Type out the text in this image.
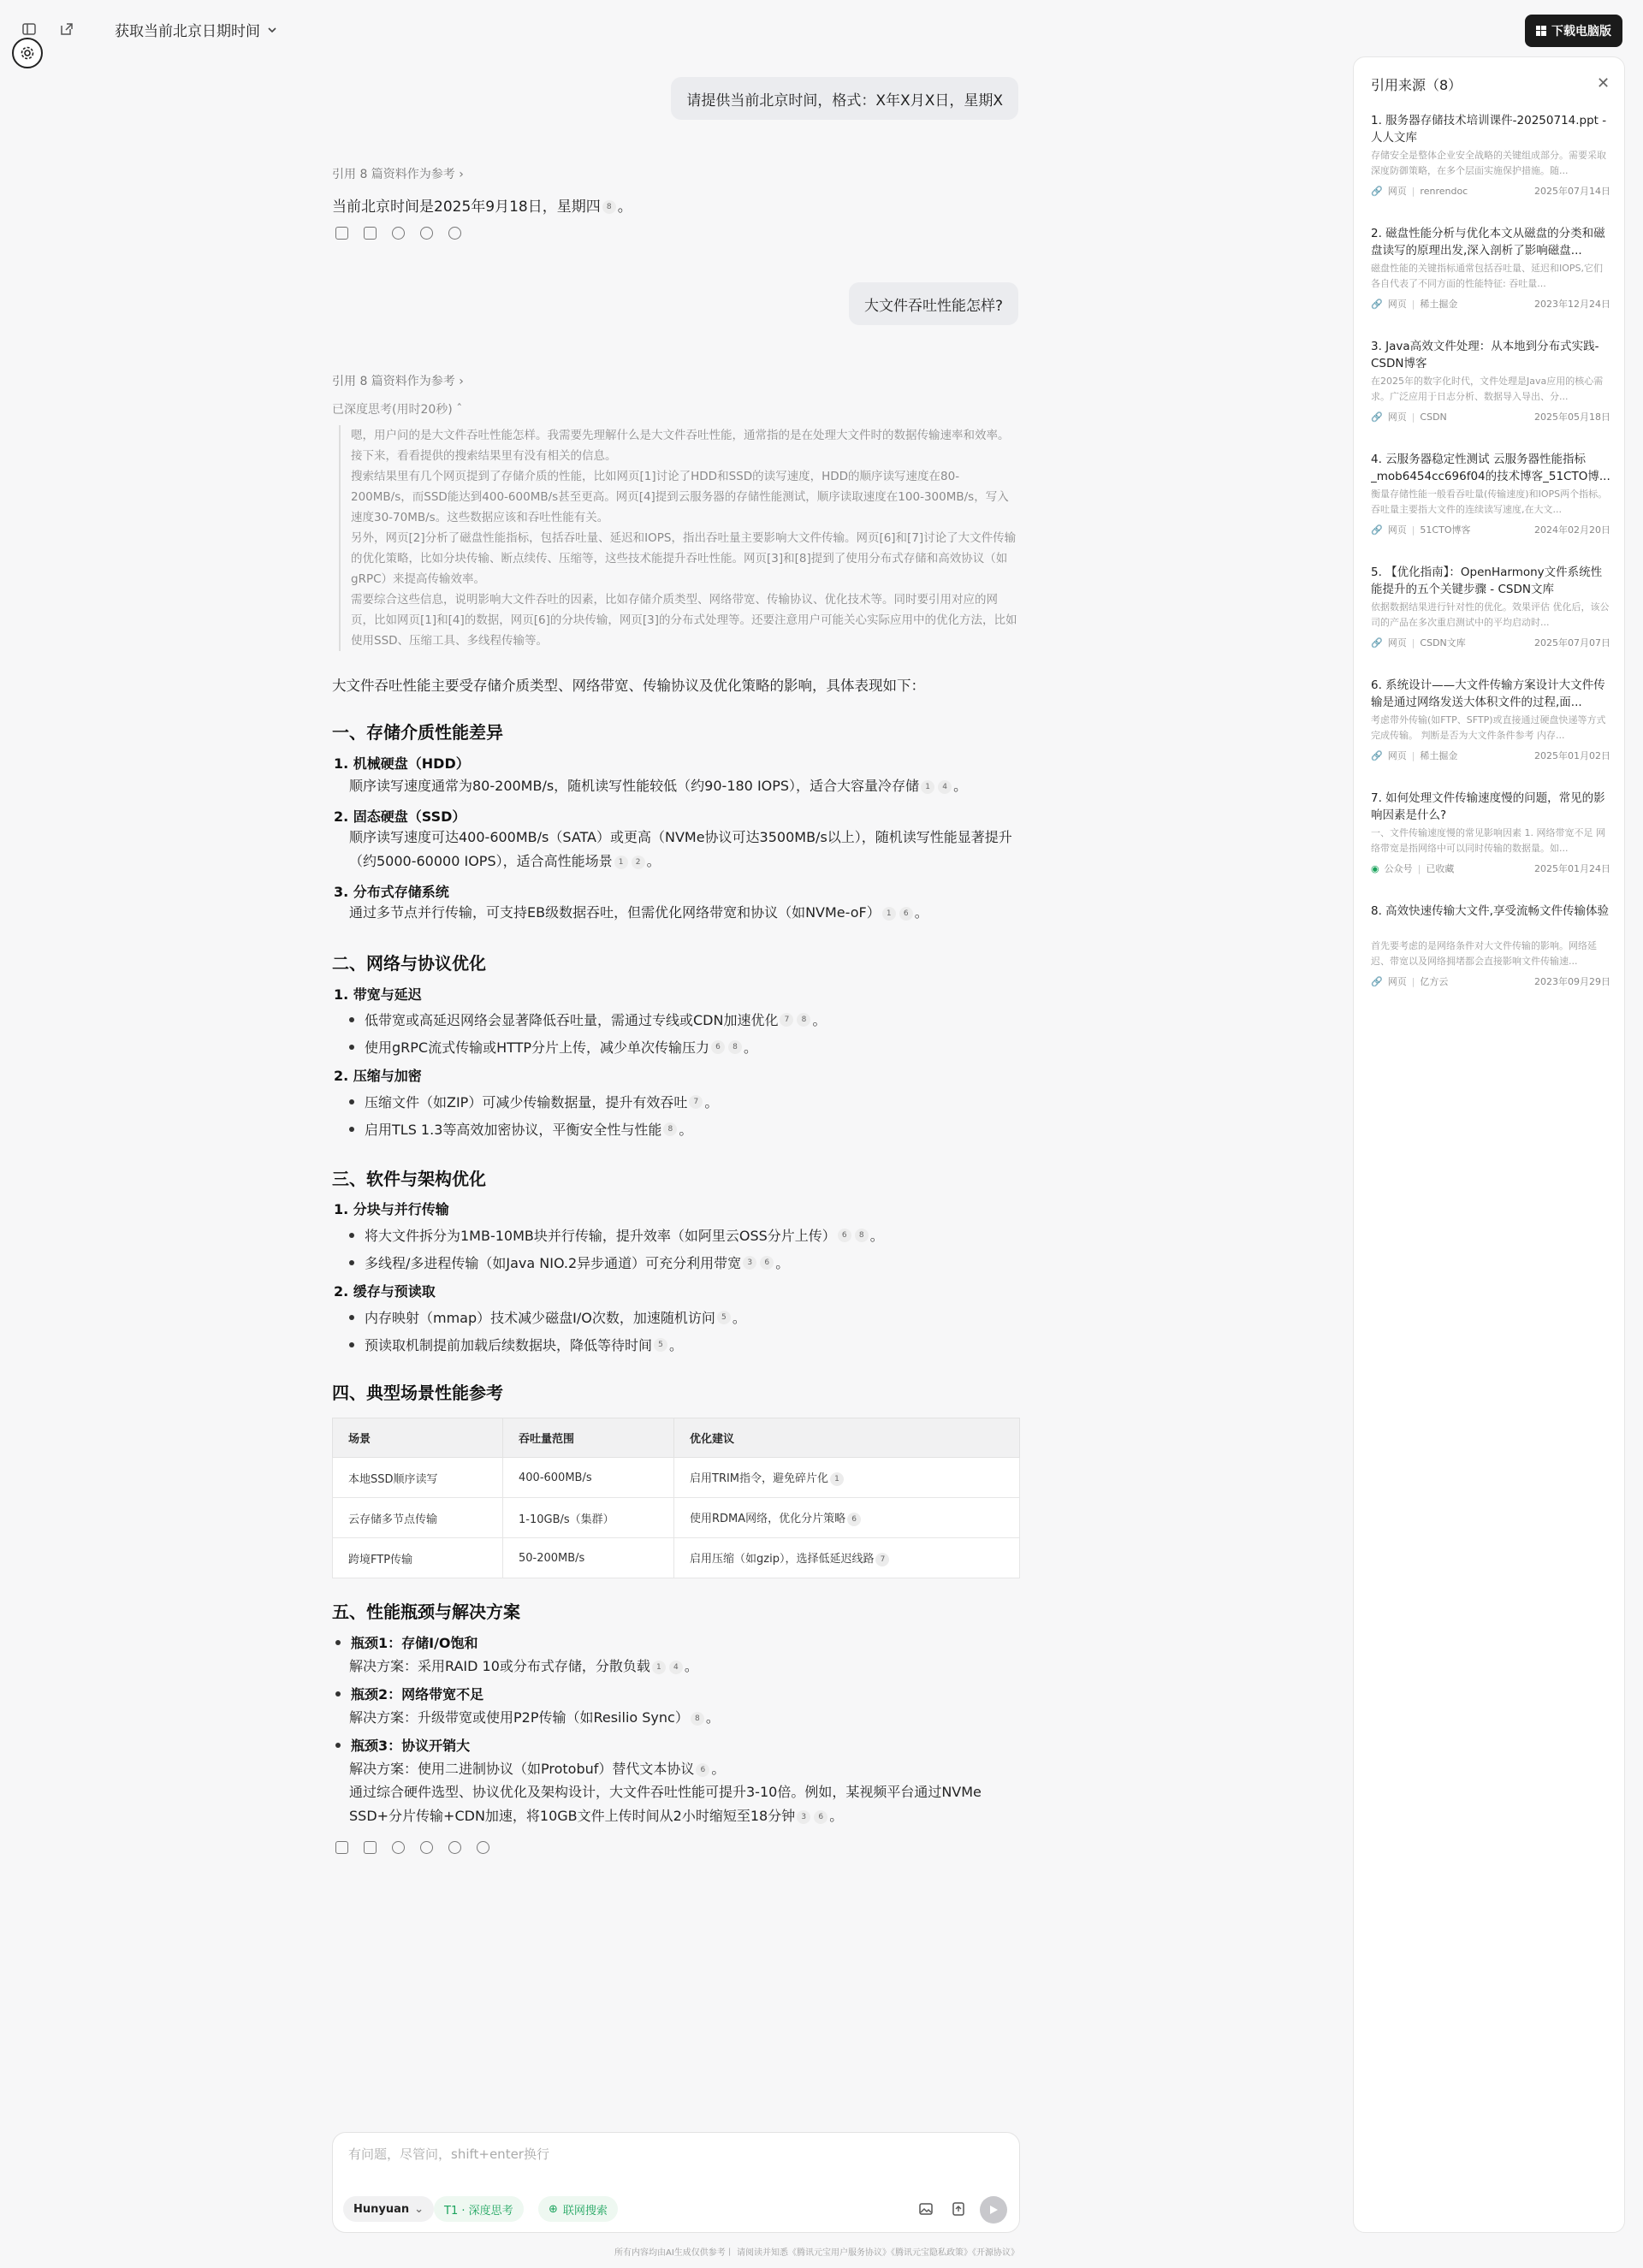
获取当前北京日期时间	下载电脑版
请提供当前北京时间，格式：X年X月X日，星期X
引用 8 篇资料作为参考 ›
当前北京时间是2025年9月18日，星期四 8 。
大文件吞吐性能怎样?
引用 8 篇资料作为参考 ›
已深度思考(用时20秒) ˆ

嗯，用户问的是大文件吞吐性能怎样。我需要先理解什么是大文件吞吐性能，通常指的是在处理大文件时的数据传输速率和效率。接下来，看看提供的搜索结果里有没有相关的信息。

搜索结果里有几个网页提到了存储介质的性能，比如网页[1]讨论了HDD和SSD的读写速度，HDD的顺序读写速度在80-200MB/s，而SSD能达到400-600MB/s甚至更高。网页[4]提到云服务器的存储性能测试，顺序读取速度在100-300MB/s，写入速度30-70MB/s。这些数据应该和吞吐性能有关。

另外，网页[2]分析了磁盘性能指标，包括吞吐量、延迟和IOPS，指出吞吐量主要影响大文件传输。网页[6]和[7]讨论了大文件传输的优化策略，比如分块传输、断点续传、压缩等，这些技术能提升吞吐性能。网页[3]和[8]提到了使用分布式存储和高效协议（如gRPC）来提高传输效率。

需要综合这些信息，说明影响大文件吞吐的因素，比如存储介质类型、网络带宽、传输协议、优化技术等。同时要引用对应的网页，比如网页[1]和[4]的数据，网页[6]的分块传输，网页[3]的分布式处理等。还要注意用户可能关心实际应用中的优化方法，比如使用SSD、压缩工具、多线程传输等。

大文件吞吐性能主要受存储介质类型、网络带宽、传输协议及优化策略的影响，具体表现如下：
一、存储介质性能差异
1. 机械硬盘（HDD）
顺序读写速度通常为80-200MB/s，随机读写性能较低（约90-180 IOPS），适合大容量冷存储 1 4 。
2. 固态硬盘（SSD）
顺序读写速度可达400-600MB/s（SATA）或更高（NVMe协议可达3500MB/s以上），随机读写性能显著提升
（约5000-60000 IOPS），适合高性能场景 1 2 。
3. 分布式存储系统
通过多节点并行传输，可支持EB级数据吞吐，但需优化网络带宽和协议（如NVMe-oF） 1 6 。
二、网络与协议优化
1. 带宽与延迟
低带宽或高延迟网络会显著降低吞吐量，需通过专线或CDN加速优化 7	8 。
使用gRPC流式传输或HTTP分片上传，减少单次传输压力 6	8 。
2. 压缩与加密
压缩文件（如ZIP）可减少传输数据量，提升有效吞吐 7 。
启用TLS 1.3等高效加密协议，平衡安全性与性能 8 。
三、软件与架构优化
1. 分块与并行传输
将大文件拆分为1MB-10MB块并行传输，提升效率（如阿里云OSS分片上传） 6	8 。
多线程/多进程传输（如Java NIO.2异步通道）可充分利用带宽 3	6 。
2. 缓存与预读取
内存映射（mmap）技术减少磁盘I/O次数，加速随机访问 5 。
预读取机制提前加载后续数据块，降低等待时间 5 。
四、典型场景性能参考
场景	吞吐量范围	优化建议
本地SSD顺序读写	400-600MB/s	启用TRIM指令，避免碎片化 1
云存储多节点传输	1-10GB/s（集群）	使用RDMA网络，优化分片策略 6
跨境FTP传输	50-200MB/s	启用压缩（如gzip），选择低延迟线路 7
五、性能瓶颈与解决方案
瓶颈1：存储I/O饱和
解决方案：采用RAID 10或分布式存储，分散负载 1 4 。
瓶颈2：网络带宽不足
解决方案：升级带宽或使用P2P传输（如Resilio Sync） 8 。
瓶颈3：协议开销大
解决方案：使用二进制协议（如Protobuf）替代文本协议 6 。
通过综合硬件选型、协议优化及架构设计，大文件吞吐性能可提升3-10倍。例如，某视频平台通过NVMe
SSD+分片传输+CDN加速，将10GB文件上传时间从2小时缩短至18分钟 3 6 。
有问题，尽管问，shift+enter换行
Hunyuan ⌄ T1 · 深度思考	⊕ 联网搜索
所有内容均由AI生成仅供参考丨 请阅读并知悉《腾讯元宝用户服务协议》《腾讯元宝隐私政策》《开源协议》
引用来源（8）	✕
1. 服务器存储技术培训课件-20250714.ppt - 人人文库
存储安全是整体企业安全战略的关键组成部分。需要采取深度防御策略，在多个层面实施保护措施。随...
🔗 网页 | renrendoc	2025年07月14日
2. 磁盘性能分析与优化本文从磁盘的分类和磁盘读写的原理出发,深入剖析了影响磁盘...
磁盘性能的关键指标通常包括吞吐量、延迟和IOPS,它们各自代表了不同方面的性能特征: 吞吐量...
🔗 网页 | 稀土掘金	2023年12月24日
3. Java高效文件处理：从本地到分布式实践-CSDN博客
在2025年的数字化时代，文件处理是Java应用的核心需求。广泛应用于日志分析、数据导入导出、分...
🔗 网页 | CSDN	2025年05月18日
4. 云服务器稳定性测试 云服务器性能指标_mob6454cc696f04的技术博客_51CTO博...
衡量存储性能一般看吞吐量(传输速度)和IOPS两个指标。吞吐量主要指大文件的连续读写速度,在大文...
🔗 网页 | 51CTO博客	2024年02月20日
5. 【优化指南】：OpenHarmony文件系统性能提升的五个关键步骤 - CSDN文库
依据数据结果进行针对性的优化。效果评估 优化后，该公司的产品在多次重启测试中的平均启动时...
🔗 网页 | CSDN文库	2025年07月07日
6. 系统设计——大文件传输方案设计大文件传输是通过网络发送大体积文件的过程,面...
考虑带外传输(如FTP、SFTP)或直接通过硬盘快递等方式完成传输。 判断是否为大文件条件参考 内存...
🔗 网页 | 稀土掘金	2025年01月02日
7. 如何处理文件传输速度慢的问题，常见的影响因素是什么?
一、文件传输速度慢的常见影响因素 1. 网络带宽不足 网络带宽是指网络中可以同时传输的数据量。如...
◉ 公众号 | 已收藏	2025年01月24日
8. 高效快速传输大文件,享受流畅文件传输体验
首先要考虑的是网络条件对大文件传输的影响。网络延迟、带宽以及网络拥堵都会直接影响文件传输速...
🔗 网页 | 亿方云	2023年09月29日
